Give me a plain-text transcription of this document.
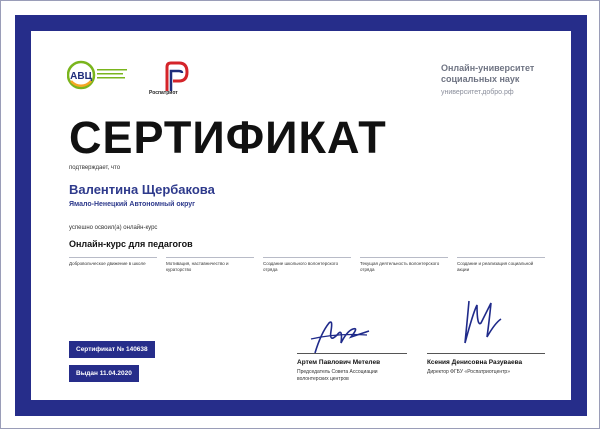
АВЦ
Роспатриот
Онлайн-университет социальных наук
университет.добро.рф
СЕРТИФИКАТ
подтверждает, что
Валентина Щербакова
Ямало-Ненецкий Автономный округ
успешно освоил(а) онлайн-курс
Онлайн-курс для педагогов
Добровольческое движение в школе	Мотивация, наставничество и кураторство
Создание школьного волонтерского отряда
Текущая деятельность волонтерского отряда
Создание и реализация социальной акции
Сертификат № 140638
Выдан 11.04.2020
Артем Павлович Метелев
Председатель Совета Ассоциации волонтерских центров
Ксения Денисовна Разуваева
Директор ФГБУ «Роспатриотцентр»
